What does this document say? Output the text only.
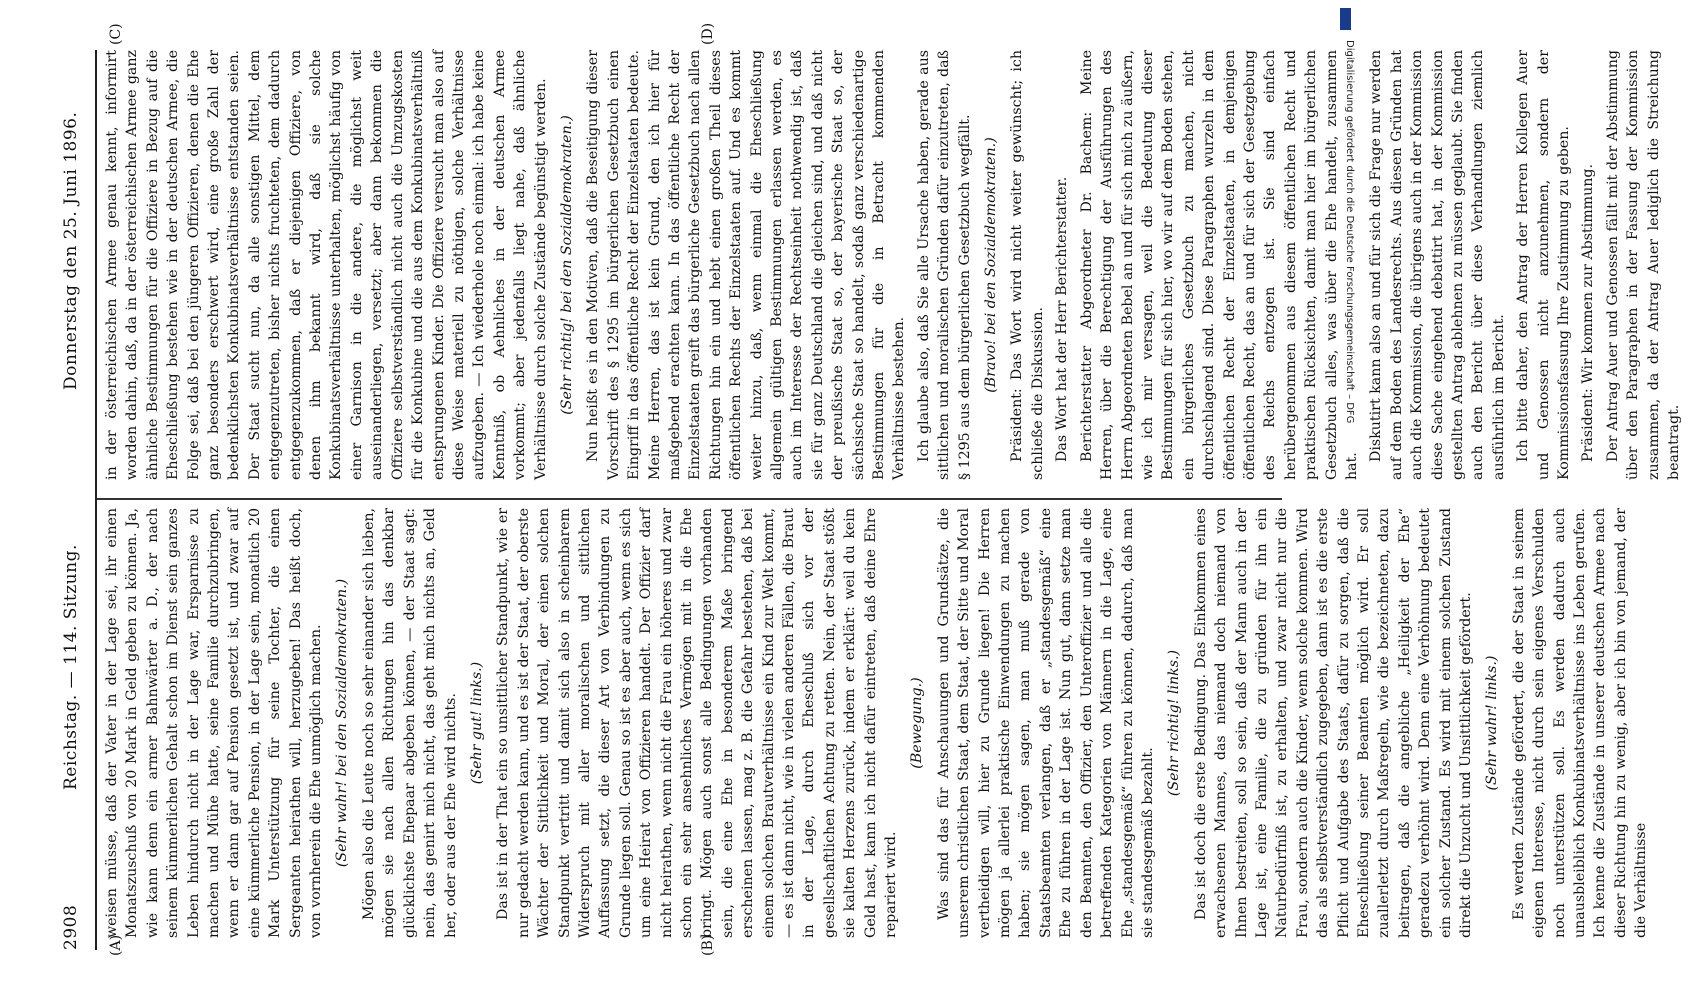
2908
Reichstag. — 114. Sitzung.
Donnerstag den 25. Juni 1896.
(A)	(B)
(C)	(D)

weisen müsse, daß der Vater in der Lage sei, ihr einen Monatszuschuß von 20 Mark in Geld geben zu können. Ja, wie kann denn ein armer Bahnwärter a. D., der nach seinem kümmerlichen Gehalt schon im Dienst sein ganzes Leben hindurch nicht in der Lage war, Ersparnisse zu machen und Mühe hatte, seine Familie durchzubringen, wenn er dann gar auf Pension gesetzt ist, und zwar auf eine kümmerliche Pension, in der Lage sein, monatlich 20 Mark Unterstützung für seine Tochter, die einen Sergeanten heirathen will, herzugeben! Das heißt doch, von vornherein die Ehe unmöglich machen. (Sehr wahr! bei den Sozialdemokraten.) Mögen also die Leute noch so sehr einander sich lieben, mögen sie nach allen Richtungen hin das denkbar glücklichste Ehepaar abgeben können, — der Staat sagt: nein, das genirt mich nicht, das geht mich nichts an, Geld her, oder aus der Ehe wird nichts. (Sehr gut! links.) Das ist in der That ein so unsittlicher Standpunkt, wie er nur gedacht werden kann, und es ist der Staat, der oberste Wächter der Sittlichkeit und Moral, der einen solchen Standpunkt vertritt und damit sich also in scheinbarem Widerspruch mit aller moralischen und sittlichen Auffassung setzt, die dieser Art von Verbindungen zu Grunde liegen soll. Genau so ist es aber auch, wenn es sich um eine Heirat von Offizieren handelt. Der Offizier darf nicht heirathen, wenn nicht die Frau ein höheres und zwar schon ein sehr ansehnliches Vermögen mit in die Ehe bringt. Mögen auch sonst alle Bedingungen vorhanden sein, die eine Ehe in besonderem Maße bringend erscheinen lassen, mag z. B. die Gefahr bestehen, daß bei einem solchen Brautverhältnisse ein Kind zur Welt kommt, — es ist dann nicht, wie in vielen anderen Fällen, die Braut in der Lage, durch Eheschluß sich vor der gesellschaftlichen Achtung zu retten. Nein, der Staat stößt sie kalten Herzens zurück, indem er erklärt: weil du kein Geld hast, kann ich nicht dafür eintreten, daß deine Ehre repariert wird.

(Bewegung.) Was sind das für Anschauungen und Grundsätze, die unserem christlichen Staat, dem Staat, der Sitte und Moral vertheidigen will, hier zu Grunde liegen! Die Herren mögen ja allerlei praktische Einwendungen zu machen haben; sie mögen sagen, man muß gerade von Staatsbeamten verlangen, daß er „standesgemäß“ eine Ehe zu führen in der Lage ist. Nun gut, dann setze man den Beamten, den Offizier, den Unteroffizier und alle die betreffenden Kategorien von Männern in die Lage, eine Ehe „standesgemäß“ führen zu können, dadurch, daß man sie standesgemäß bezahlt.

(Sehr richtig! links.) Das ist doch die erste Bedingung. Das Einkommen eines erwachsenen Mannes, das niemand doch niemand von Ihnen bestreiten, soll so sein, daß der Mann auch in der Lage ist, eine Familie, die zu gründen für ihn ein Naturbedürfniß ist, zu erhalten, und zwar nicht nur die Frau, sondern auch die Kinder, wenn solche kommen. Wird das als selbstverständlich zugegeben, dann ist es die erste Pflicht und Aufgabe des Staats, dafür zu sorgen, daß die Eheschließung seiner Beamten möglich wird. Er soll zuallerletzt durch Maßregeln, wie die bezeichneten, dazu beitragen, daß die angebliche „Heiligkeit der Ehe“ geradezu verhöhnt wird. Denn eine Verhöhnung bedeutet ein solcher Zustand. Es wird mit einem solchen Zustand direkt die Unzucht und Unsittlichkeit gefördert. (Sehr wahr! links.) Es werden Zustände gefördert, die der Staat in seinem eigenen Interesse, nicht durch sein eigenes Verschulden noch unterstützen soll. Es werden dadurch auch unausbleiblich Konkubinatsverhältnisse ins Leben gerufen. Ich kenne die Zustände in unserer deutschen Armee nach dieser Richtung hin zu wenig, aber ich bin von jemand, der die Verhältnisse

in der österreichischen Armee genau kennt, informirt worden dahin, daß, da in der österreichischen Armee ganz ähnliche Bestimmungen für die Offiziere in Bezug auf die Eheschließung bestehen wie in der deutschen Armee, die Folge sei, daß bei den jüngeren Offizieren, denen die Ehe ganz besonders erschwert wird, eine große Zahl der bedenklichsten Konkubinatsverhältnisse entstanden seien. Der Staat sucht nun, da alle sonstigen Mittel, dem entgegenzutreten, bisher nichts fruchteten, dem dadurch entgegenzukommen, daß er diejenigen Offiziere, von denen ihm bekannt wird, daß sie solche Konkubinatsverhältnisse unterhalten, möglichst häufig von einer Garnison in die andere, die möglichst weit auseinanderliegen, versetzt; aber dann bekommen die Offiziere selbstverständlich nicht auch die Umzugskosten für die Konkubine und die aus dem Konkubinatsverhältniß entsprungenen Kinder. Die Offiziere versucht man also auf diese Weise materiell zu nöthigen, solche Verhältnisse aufzugeben. — Ich wiederhole noch einmal: ich habe keine Kenntniß, ob Aehnliches in der deutschen Armee vorkommt; aber jedenfalls liegt nahe, daß ähnliche Verhältnisse durch solche Zustände begünstigt werden. (Sehr richtig! bei den Sozialdemokraten.) Nun heißt es in den Motiven, daß die Beseitigung dieser Vorschrift des § 1295 im bürgerlichen Gesetzbuch einen Eingriff in das öffentliche Recht der Einzelstaaten bedeute. Meine Herren, das ist kein Grund, den ich hier für maßgebend erachten kann. In das öffentliche Recht der Einzelstaaten greift das bürgerliche Gesetzbuch nach allen Richtungen hin ein und hebt einen großen Theil dieses öffentlichen Rechts der Einzelstaaten auf. Und es kommt weiter hinzu, daß, wenn einmal die Eheschließung allgemein gültigen Bestimmungen erlassen werden, es auch im Interesse der Rechtseinheit nothwendig ist, daß sie für ganz Deutschland die gleichen sind, und daß nicht der preußische Staat so, der bayerische Staat so, der sächsische Staat so handelt, sodaß ganz verschiedenartige Bestimmungen für die in Betracht kommenden Verhältnisse bestehen. Ich glaube also, daß Sie alle Ursache haben, gerade aus sittlichen und moralischen Gründen dafür einzutreten, daß § 1295 aus dem bürgerlichen Gesetzbuch wegfällt. (Bravo! bei den Sozialdemokraten.) Präsident: Das Wort wird nicht weiter gewünscht; ich schließe die Diskussion. Das Wort hat der Herr Berichterstatter. Berichterstatter Abgeordneter Dr. Bachem: Meine Herren, über die Berechtigung der Ausführungen des Herrn Abgeordneten Bebel an und für sich mich zu äußern, wie ich mir versagen, weil die Bedeutung dieser Bestimmungen für sich hier, wo wir auf dem Boden stehen, ein bürgerliches Gesetzbuch zu machen, nicht durchschlagend sind. Diese Paragraphen wurzeln in dem öffentlichen Recht der Einzelstaaten, in demjenigen öffentlichen Recht, das an und für sich der Gesetzgebung des Reichs entzogen ist. Sie sind einfach herübergenommen aus diesem öffentlichen Recht und praktischen Rücksichten, damit man hier im bürgerlichen Gesetzbuch alles, was über die Ehe handelt, zusammen hat.

Diskutirt kann also an und für sich die Frage nur werden auf dem Boden des Landesrechts. Aus diesen Gründen hat auch die Kommission, die übrigens auch in der Kommission diese Sache eingehend debattirt hat, in der Kommission gestellten Antrag ablehnen zu müssen geglaubt. Sie finden auch den Bericht über diese Verhandlungen ziemlich ausführlich im Bericht. Ich bitte daher, den Antrag der Herren Kollegen Auer und Genossen nicht anzunehmen, sondern der Kommissionsfassung Ihre Zustimmung zu geben. Präsident: Wir kommen zur Abstimmung. Der Antrag Auer und Genossen fällt mit der Abstimmung über den Paragraphen in der Fassung der Kommission zusammen, da der Antrag Auer lediglich die Streichung beantragt.

Digitalisierung gefördert durch die Deutsche Forschungsgemeinschaft – DFG
